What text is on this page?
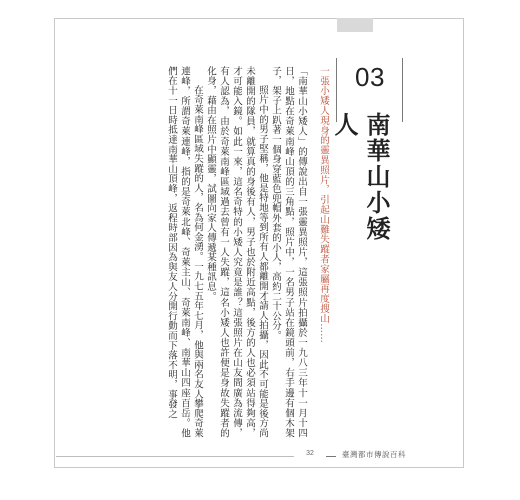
03
南華山小矮人
一張小矮人現身的靈異照片，引起山難失蹤者家屬再度搜山……

「南華山小矮人」的傳說出自一張靈異照片，這張照片拍攝於一九八三年十一月十四日，地點在奇萊南峰山頂的三角點，照片中，一名男子站在鏡頭前，右手邊有個木架子，架子上趴著一個身穿藍色兜帽外套的小人，高約二十公分。

照片中的男子堅稱，他是特地等到所有人都離開才請人拍攝，因此不可能是後方尚未離開的隊員，就算真的身後有人，男子也於附近高點，後方的人也必須站得夠高，才可能入鏡。如此一來，這名奇特的小矮人究竟是誰？這張照片在山友間廣為流傳，有人認為，由於奇萊南峰區域過去曾有一人失蹤，這名小矮人也許便是身故失蹤者的化身，藉由在照片中顯靈，試圖向家人傳遞某種訊息。

在奇萊南峰區域失蹤的人，名為何金湧。一九七五年七月，他與兩名友人攀爬奇萊連峰，所謂奇萊連峰，指的是奇萊北峰、奇萊主山、奇萊南峰、南華山四座百岳。他們在十一日時抵達南華山頂峰，返程時部因為與友人分開行動而下落不明，事發之

32	臺灣都市傳說百科
